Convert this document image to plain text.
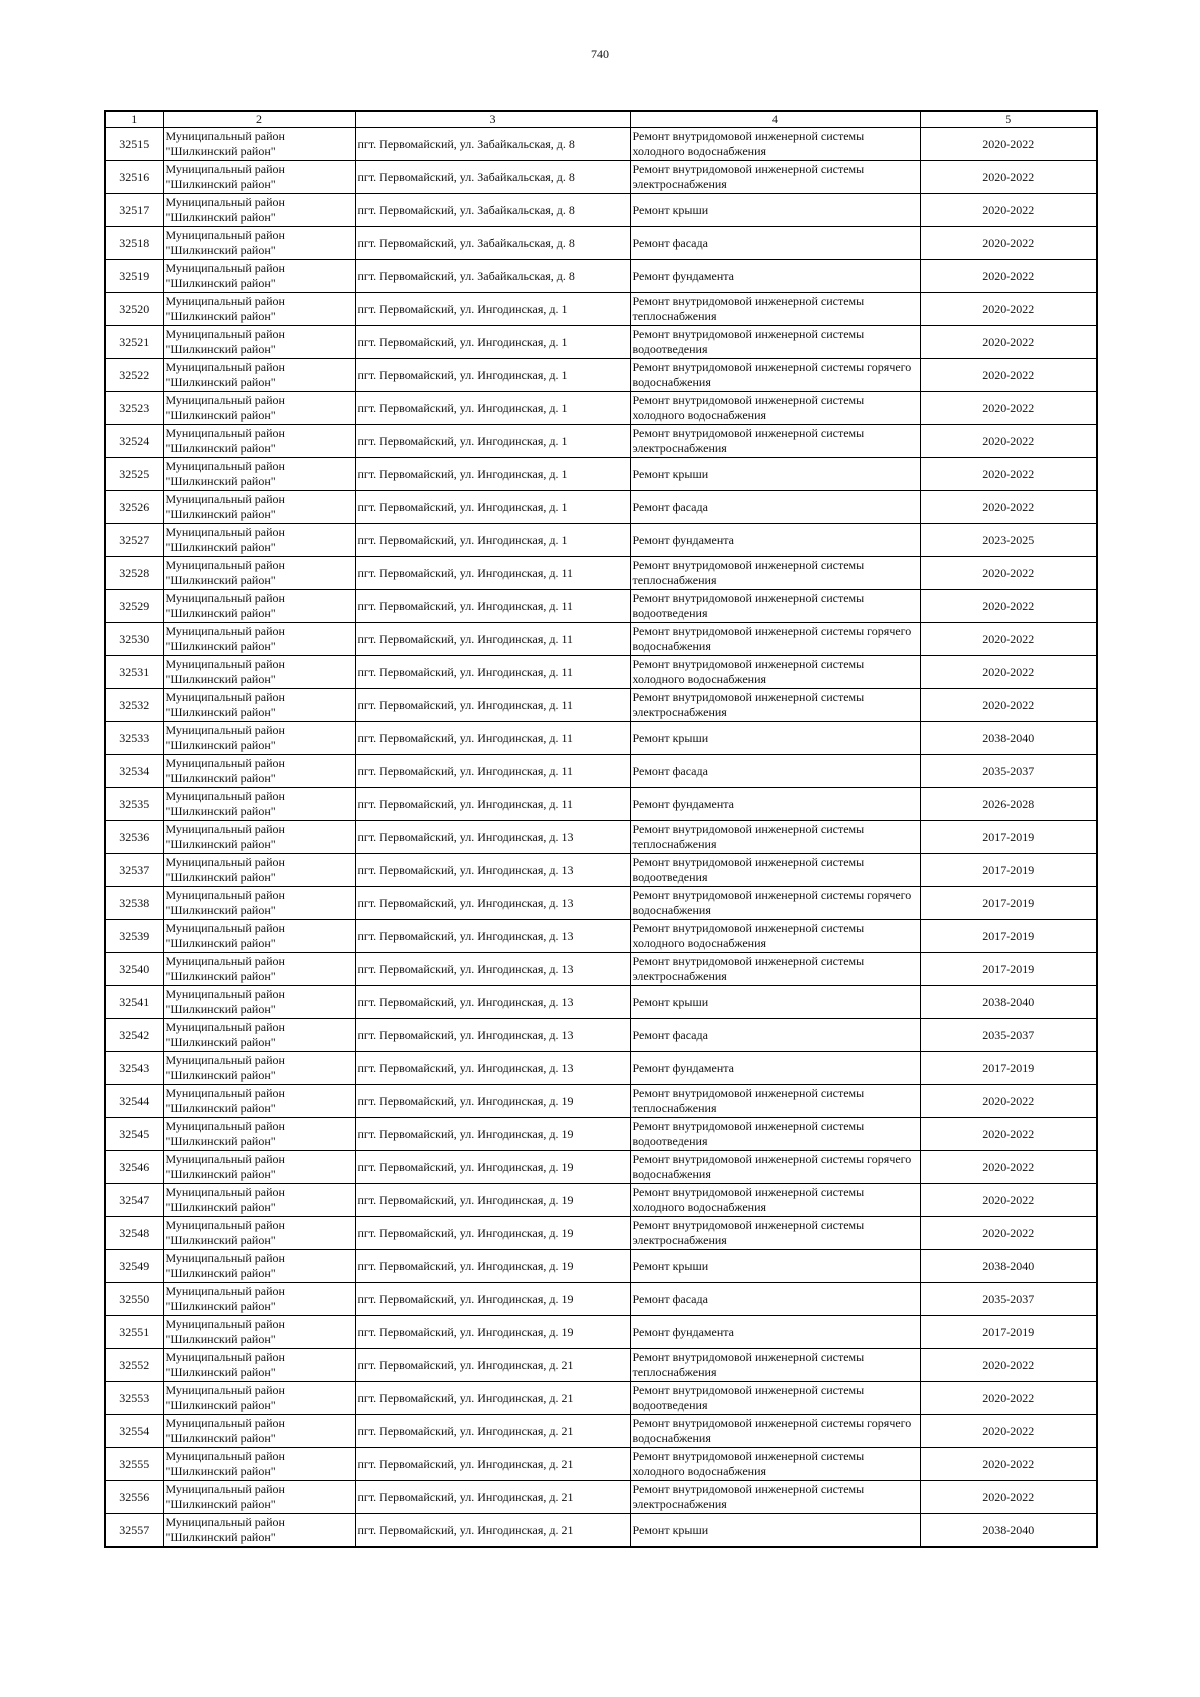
740
1	2	3	4	5
32515	Муниципальный район "Шилкинский район"	пгт. Первомайский, ул. Забайкальская, д. 8	Ремонт внутридомовой инженерной системы холодного водоснабжения	2020-2022
32516	Муниципальный район "Шилкинский район"	пгт. Первомайский, ул. Забайкальская, д. 8	Ремонт внутридомовой инженерной системы электроснабжения	2020-2022
32517	Муниципальный район "Шилкинский район"	пгт. Первомайский, ул. Забайкальская, д. 8	Ремонт крыши	2020-2022
32518	Муниципальный район "Шилкинский район"	пгт. Первомайский, ул. Забайкальская, д. 8	Ремонт фасада	2020-2022
32519	Муниципальный район "Шилкинский район"	пгт. Первомайский, ул. Забайкальская, д. 8	Ремонт фундамента	2020-2022
32520	Муниципальный район "Шилкинский район"	пгт. Первомайский, ул. Ингодинская, д. 1	Ремонт внутридомовой инженерной системы теплоснабжения	2020-2022
32521	Муниципальный район "Шилкинский район"	пгт. Первомайский, ул. Ингодинская, д. 1	Ремонт внутридомовой инженерной системы водоотведения	2020-2022
32522	Муниципальный район "Шилкинский район"	пгт. Первомайский, ул. Ингодинская, д. 1	Ремонт внутридомовой инженерной системы горячего водоснабжения	2020-2022
32523	Муниципальный район "Шилкинский район"	пгт. Первомайский, ул. Ингодинская, д. 1	Ремонт внутридомовой инженерной системы холодного водоснабжения	2020-2022
32524	Муниципальный район "Шилкинский район"	пгт. Первомайский, ул. Ингодинская, д. 1	Ремонт внутридомовой инженерной системы электроснабжения	2020-2022
32525	Муниципальный район "Шилкинский район"	пгт. Первомайский, ул. Ингодинская, д. 1	Ремонт крыши	2020-2022
32526	Муниципальный район "Шилкинский район"	пгт. Первомайский, ул. Ингодинская, д. 1	Ремонт фасада	2020-2022
32527	Муниципальный район "Шилкинский район"	пгт. Первомайский, ул. Ингодинская, д. 1	Ремонт фундамента	2023-2025
32528	Муниципальный район "Шилкинский район"	пгт. Первомайский, ул. Ингодинская, д. 11	Ремонт внутридомовой инженерной системы теплоснабжения	2020-2022
32529	Муниципальный район "Шилкинский район"	пгт. Первомайский, ул. Ингодинская, д. 11	Ремонт внутридомовой инженерной системы водоотведения	2020-2022
32530	Муниципальный район "Шилкинский район"	пгт. Первомайский, ул. Ингодинская, д. 11	Ремонт внутридомовой инженерной системы горячего водоснабжения	2020-2022
32531	Муниципальный район "Шилкинский район"	пгт. Первомайский, ул. Ингодинская, д. 11	Ремонт внутридомовой инженерной системы холодного водоснабжения	2020-2022
32532	Муниципальный район "Шилкинский район"	пгт. Первомайский, ул. Ингодинская, д. 11	Ремонт внутридомовой инженерной системы электроснабжения	2020-2022
32533	Муниципальный район "Шилкинский район"	пгт. Первомайский, ул. Ингодинская, д. 11	Ремонт крыши	2038-2040
32534	Муниципальный район "Шилкинский район"	пгт. Первомайский, ул. Ингодинская, д. 11	Ремонт фасада	2035-2037
32535	Муниципальный район "Шилкинский район"	пгт. Первомайский, ул. Ингодинская, д. 11	Ремонт фундамента	2026-2028
32536	Муниципальный район "Шилкинский район"	пгт. Первомайский, ул. Ингодинская, д. 13	Ремонт внутридомовой инженерной системы теплоснабжения	2017-2019
32537	Муниципальный район "Шилкинский район"	пгт. Первомайский, ул. Ингодинская, д. 13	Ремонт внутридомовой инженерной системы водоотведения	2017-2019
32538	Муниципальный район "Шилкинский район"	пгт. Первомайский, ул. Ингодинская, д. 13	Ремонт внутридомовой инженерной системы горячего водоснабжения	2017-2019
32539	Муниципальный район "Шилкинский район"	пгт. Первомайский, ул. Ингодинская, д. 13	Ремонт внутридомовой инженерной системы холодного водоснабжения	2017-2019
32540	Муниципальный район "Шилкинский район"	пгт. Первомайский, ул. Ингодинская, д. 13	Ремонт внутридомовой инженерной системы электроснабжения	2017-2019
32541	Муниципальный район "Шилкинский район"	пгт. Первомайский, ул. Ингодинская, д. 13	Ремонт крыши	2038-2040
32542	Муниципальный район "Шилкинский район"	пгт. Первомайский, ул. Ингодинская, д. 13	Ремонт фасада	2035-2037
32543	Муниципальный район "Шилкинский район"	пгт. Первомайский, ул. Ингодинская, д. 13	Ремонт фундамента	2017-2019
32544	Муниципальный район "Шилкинский район"	пгт. Первомайский, ул. Ингодинская, д. 19	Ремонт внутридомовой инженерной системы теплоснабжения	2020-2022
32545	Муниципальный район "Шилкинский район"	пгт. Первомайский, ул. Ингодинская, д. 19	Ремонт внутридомовой инженерной системы водоотведения	2020-2022
32546	Муниципальный район "Шилкинский район"	пгт. Первомайский, ул. Ингодинская, д. 19	Ремонт внутридомовой инженерной системы горячего водоснабжения	2020-2022
32547	Муниципальный район "Шилкинский район"	пгт. Первомайский, ул. Ингодинская, д. 19	Ремонт внутридомовой инженерной системы холодного водоснабжения	2020-2022
32548	Муниципальный район "Шилкинский район"	пгт. Первомайский, ул. Ингодинская, д. 19	Ремонт внутридомовой инженерной системы электроснабжения	2020-2022
32549	Муниципальный район "Шилкинский район"	пгт. Первомайский, ул. Ингодинская, д. 19	Ремонт крыши	2038-2040
32550	Муниципальный район "Шилкинский район"	пгт. Первомайский, ул. Ингодинская, д. 19	Ремонт фасада	2035-2037
32551	Муниципальный район "Шилкинский район"	пгт. Первомайский, ул. Ингодинская, д. 19	Ремонт фундамента	2017-2019
32552	Муниципальный район "Шилкинский район"	пгт. Первомайский, ул. Ингодинская, д. 21	Ремонт внутридомовой инженерной системы теплоснабжения	2020-2022
32553	Муниципальный район "Шилкинский район"	пгт. Первомайский, ул. Ингодинская, д. 21	Ремонт внутридомовой инженерной системы водоотведения	2020-2022
32554	Муниципальный район "Шилкинский район"	пгт. Первомайский, ул. Ингодинская, д. 21	Ремонт внутридомовой инженерной системы горячего водоснабжения	2020-2022
32555	Муниципальный район "Шилкинский район"	пгт. Первомайский, ул. Ингодинская, д. 21	Ремонт внутридомовой инженерной системы холодного водоснабжения	2020-2022
32556	Муниципальный район "Шилкинский район"	пгт. Первомайский, ул. Ингодинская, д. 21	Ремонт внутридомовой инженерной системы электроснабжения	2020-2022
32557	Муниципальный район "Шилкинский район"	пгт. Первомайский, ул. Ингодинская, д. 21	Ремонт крыши	2038-2040
